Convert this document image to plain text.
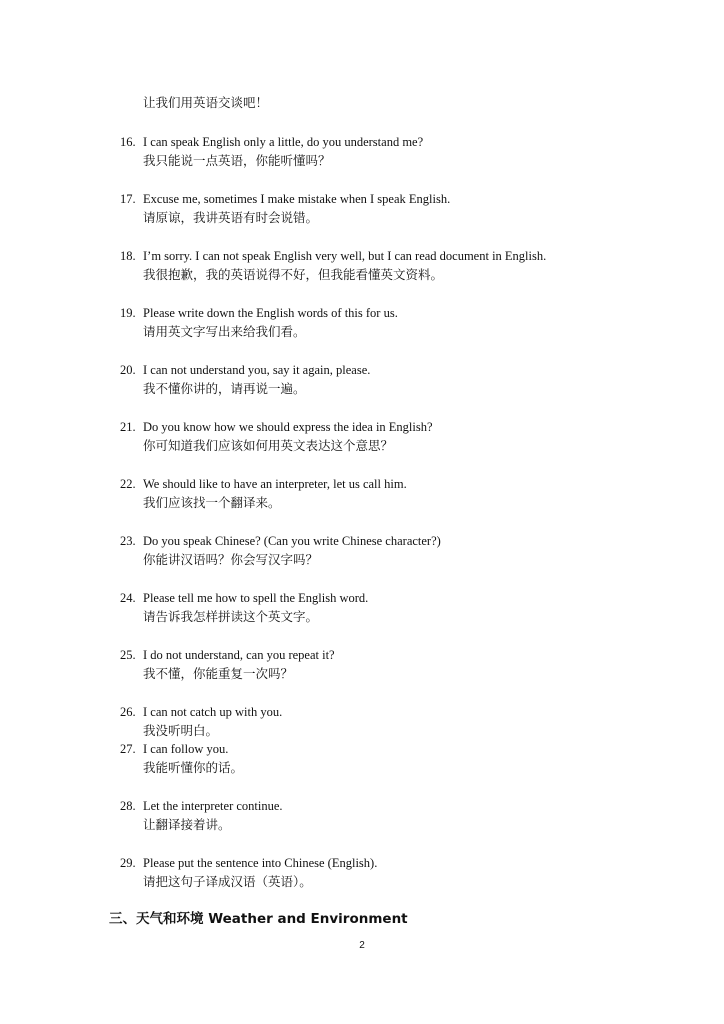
让我们用英语交谈吧！
16. I can speak English only a little, do you understand me?
我只能说一点英语，你能听懂吗？
17. Excuse me, sometimes I make mistake when I speak English.
请原谅，我讲英语有时会说错。
18. I’m sorry. I can not speak English very well, but I can read document in English.
我很抱歉，我的英语说得不好，但我能看懂英文资料。
19. Please write down the English words of this for us.
请用英文字写出来给我们看。
20. I can not understand you, say it again, please.
我不懂你讲的，请再说一遍。
21. Do you know how we should express the idea in English?
你可知道我们应该如何用英文表达这个意思？
22. We should like to have an interpreter, let us call him.
我们应该找一个翻译来。
23. Do you speak Chinese? (Can you write Chinese character?)
你能讲汉语吗？你会写汉字吗？
24. Please tell me how to spell the English word.
请告诉我怎样拼读这个英文字。
25. I do not understand, can you repeat it?
我不懂，你能重复一次吗？
26. I can not catch up with you.
我没听明白。
27. I can follow you.
我能听懂你的话。
28. Let the interpreter continue.
让翻译接着讲。
29. Please put the sentence into Chinese (English).
请把这句子译成汉语（英语）。
三、天气和环境 Weather and Environment
2
